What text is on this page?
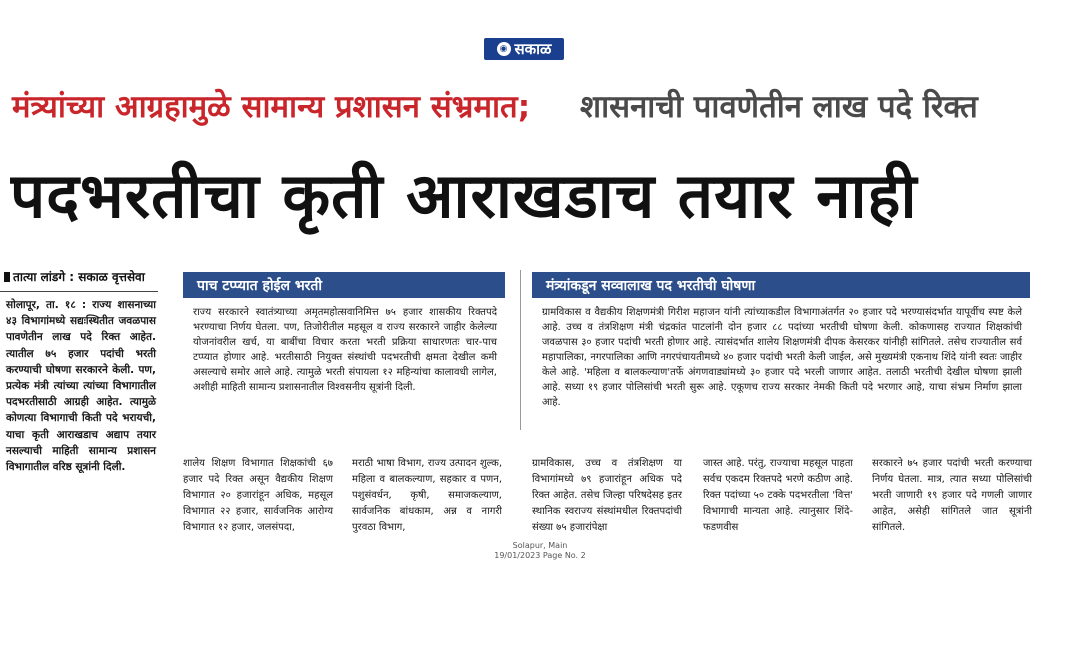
◉ सकाळ
मंत्र्यांच्या आग्रहामुळे सामान्य प्रशासन संभ्रमात; शासनाची पावणेतीन लाख पदे रिक्त
पदभरतीचा कृती आराखडाच तयार नाही
तात्या लांडगे : सकाळ वृत्तसेवा
सोलापूर, ता. १८ : राज्य शासनाच्या ४३ विभागांमध्ये सद्यःस्थितीत जवळपास पावणेतीन लाख पदे रिक्त आहेत. त्यातील ७५ हजार पदांची भरती करण्याची घोषणा सरकारने केली. पण, प्रत्येक मंत्री त्यांच्या त्यांच्या विभागातील पदभरतीसाठी आग्रही आहेत. त्यामुळे कोणत्या विभागाची किती पदे भरायची, याचा कृती आराखडाच अद्याप तयार नसल्याची माहिती सामान्य प्रशासन विभागातील वरिष्ठ सूत्रांनी दिली.
पाच टप्प्यात होईल भरती
राज्य सरकारने स्वातंत्र्याच्या अमृतमहोत्सवानिमित्त ७५ हजार शासकीय रिक्तपदे भरण्याचा निर्णय घेतला. पण, तिजोरीतील महसूल व राज्य सरकारने जाहीर केलेल्या योजनांवरील खर्च, या बाबींचा विचार करता भरती प्रक्रिया साधारणतः चार-पाच टप्प्यात होणार आहे. भरतीसाठी नियुक्त संस्थांची पदभरतीची क्षमता देखील कमी असल्याचे समोर आले आहे. त्यामुळे भरती संपायला १२ महिन्यांचा कालावधी लागेल, अशीही माहिती सामान्य प्रशासनातील विश्वसनीय सूत्रांनी दिली.
मंत्र्यांकडून सव्वालाख पद भरतीची घोषणा
ग्रामविकास व वैद्यकीय शिक्षणमंत्री गिरीश महाजन यांनी त्यांच्याकडील विभागाअंतर्गत २० हजार पदे भरण्यासंदर्भात यापूर्वीच स्पष्ट केले आहे. उच्च व तंत्रशिक्षण मंत्री चंद्रकांत पाटलांनी दोन हजार ८८ पदांच्या भरतीची घोषणा केली. कोकणासह राज्यात शिक्षकांची जवळपास ३० हजार पदांची भरती होणार आहे. त्यासंदर्भात शालेय शिक्षणमंत्री दीपक केसरकर यांनीही सांगितले. तसेच राज्यातील सर्व महापालिका, नगरपालिका आणि नगरपंचायतीमध्ये ४० हजार पदांची भरती केली जाईल, असे मुख्यमंत्री एकनाथ शिंदे यांनी स्वतः जाहीर केले आहे. 'महिला व बालकल्याण'तर्फे अंगणवाड्यांमध्ये ३० हजार पदे भरली जाणार आहेत. तलाठी भरतीची देखील घोषणा झाली आहे. सध्या १९ हजार पोलिसांची भरती सुरू आहे. एकूणच राज्य सरकार नेमकी किती पदे भरणार आहे, याचा संभ्रम निर्माण झाला आहे.
शालेय शिक्षण विभागात शिक्षकांची ६७ हजार पदे रिक्त असून वैद्यकीय शिक्षण विभागात २० हजारांहून अधिक, महसूल विभागात २२ हजार, सार्वजनिक आरोग्य विभागात १२ हजार, जलसंपदा,
मराठी भाषा विभाग, राज्य उत्पादन शुल्क, महिला व बालकल्याण, सहकार व पणन, पशुसंवर्धन, कृषी, समाजकल्याण, सार्वजनिक बांधकाम, अन्न व नागरी पुरवठा विभाग,
ग्रामविकास, उच्च व तंत्रशिक्षण या विभागांमध्ये ७९ हजारांहून अधिक पदे रिक्त आहेत. तसेच जिल्हा परिषदेसह इतर स्थानिक स्वराज्य संस्थांमधील रिक्तपदांची संख्या ७५ हजारांपेक्षा
जास्त आहे. परंतु, राज्याचा महसूल पाहता सर्वच एकदम रिक्तपदे भरणे कठीण आहे. रिक्त पदांच्या ५० टक्के पदभरतीला 'वित्त' विभागाची मान्यता आहे. त्यानुसार शिंदे-फडणवीस
सरकारने ७५ हजार पदांची भरती करण्याचा निर्णय घेतला. मात्र, त्यात सध्या पोलिसांची भरती जाणारी १९ हजार पदे गणली जाणार आहेत, असेही सांगितले जात सूत्रांनी सांगितले.
Solapur, Main
19/01/2023 Page No. 2
